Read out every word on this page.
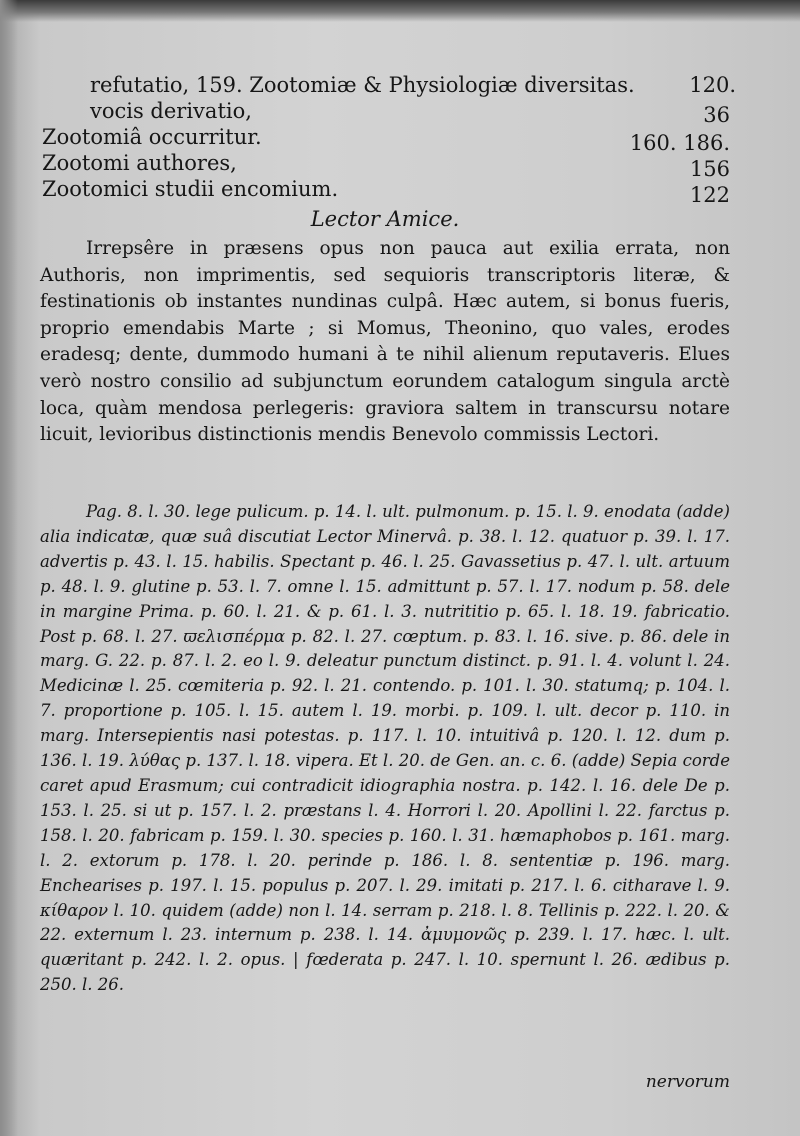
refutatio, 159. Zootomiæ & Physiologiæ diversitas.	120.
vocis derivatio,	36
Zootomiâ occurritur.	160. 186.
Zootomi authores,	156
Zootomici studii encomium.	122
Lector Amice.
Irrepsêre in præsens opus non pauca aut exilia errata, non Authoris, non imprimentis, sed sequioris transcriptoris literæ, & festinationis ob instantes nundinas culpâ. Hæc autem, si bonus fueris, proprio emendabis Marte ; si Momus, Theonino, quo vales, erodes eradesq; dente, dummodo humani à te nihil alienum reputaveris. Elues verò nostro consilio ad subjunctum eorundem catalogum singula arctè loca, quàm mendosa perlegeris: graviora saltem in transcursu notare licuit, levioribus distinctionis mendis Benevolo commissis Lectori.
Pag. 8. l. 30. lege pulicum. p. 14. l. ult. pulmonum. p. 15. l. 9. enodata (adde) alia indicatæ, quæ suâ discutiat Lector Minervâ. p. 38. l. 12. quatuor p. 39. l. 17. advertis p. 43. l. 15. habilis. Spectant p. 46. l. 25. Gavassetius p. 47. l. ult. artuum p. 48. l. 9. glutine p. 53. l. 7. omne l. 15. admittunt p. 57. l. 17. nodum p. 58. dele in margine Prima. p. 60. l. 21. & p. 61. l. 3. nutrititio p. 65. l. 18. 19. fabricatio. Post p. 68. l. 27. ϖελισπέρμα p. 82. l. 27. cœptum. p. 83. l. 16. sive. p. 86. dele in marg. G. 22. p. 87. l. 2. eo l. 9. deleatur punctum distinct. p. 91. l. 4. volunt l. 24. Medicinæ l. 25. cœmiteria p. 92. l. 21. contendo. p. 101. l. 30. statumq; p. 104. l. 7. proportione p. 105. l. 15. autem l. 19. morbi. p. 109. l. ult. decor p. 110. in marg. Intersepientis nasi potestas. p. 117. l. 10. intuitivâ p. 120. l. 12. dum p. 136. l. 19. λύθας p. 137. l. 18. vipera. Et l. 20. de Gen. an. c. 6. (adde) Sepia corde caret apud Erasmum; cui contradicit idiographia nostra. p. 142. l. 16. dele De p. 153. l. 25. si ut p. 157. l. 2. præstans l. 4. Horrori l. 20. Apollini l. 22. farctus p. 158. l. 20. fabricam p. 159. l. 30. species p. 160. l. 31. hæmaphobos p. 161. marg. l. 2. extorum p. 178. l. 20. perinde p. 186. l. 8. sententiæ p. 196. marg. Enchearises p. 197. l. 15. populus p. 207. l. 29. imitati p. 217. l. 6. citharave l. 9. κίθαρον l. 10. quidem (adde) non l. 14. serram p. 218. l. 8. Tellinis p. 222. l. 20. & 22. externum l. 23. internum p. 238. l. 14. ἀμυμονῶς p. 239. l. 17. hæc. l. ult. quæritant p. 242. l. 2. opus. | fœderata p. 247. l. 10. spernunt l. 26. ædibus p. 250. l. 26.
nervorum
